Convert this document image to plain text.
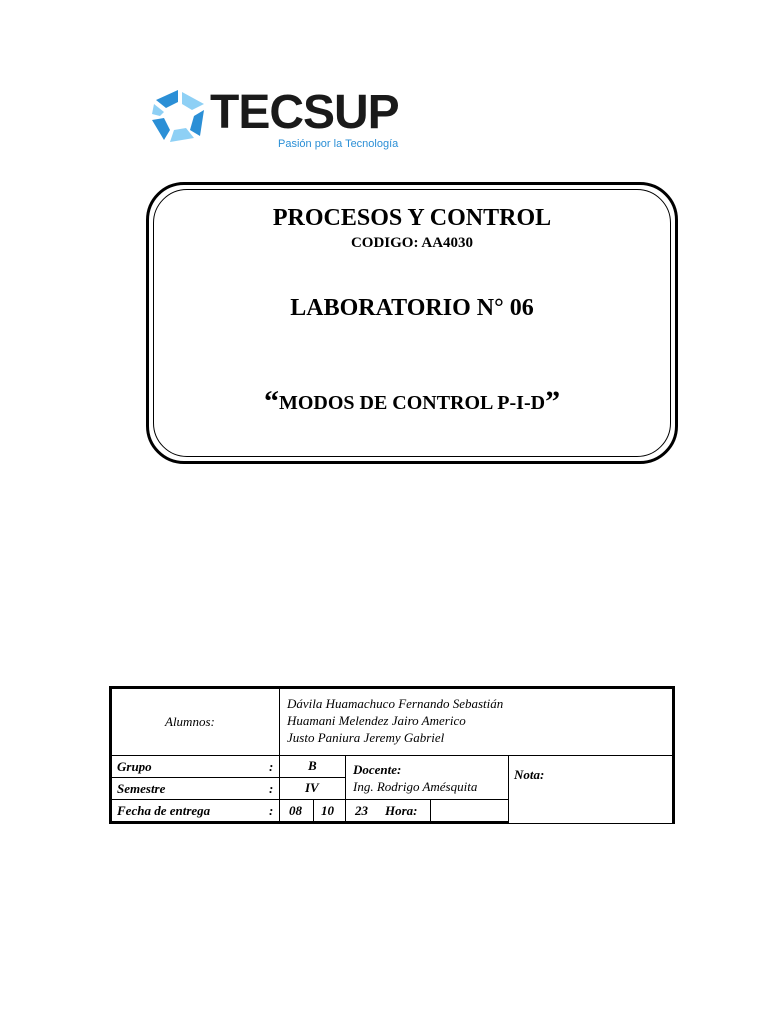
TECSUP
Pasión por la Tecnología
PROCESOS Y CONTROL
CODIGO: AA4030
LABORATORIO N° 06
“MODOS DE CONTROL P-I-D”
Alumnos:
Dávila Huamachuco Fernando Sebastián
Huamani Melendez Jairo Americo
Justo Paniura Jeremy Gabriel
Grupo	:	B
Semestre	: IV
Fecha de entrega	: 08 10 23 Hora:
Docente:
Ing. Rodrigo Amésquita
Nota:
